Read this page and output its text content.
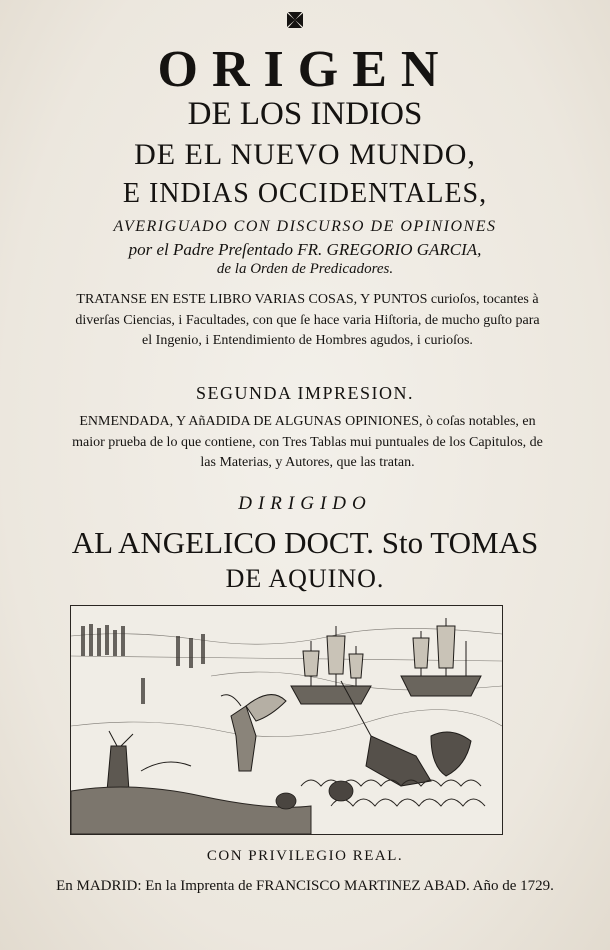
ORIGEN
DE LOS INDIOS
DE EL NUEVO MUNDO,
E INDIAS OCCIDENTALES,
AVERIGUADO CON DISCURSO DE OPINIONES
por el Padre Preſentado FR. GREGORIO GARCIA,
de la Orden de Predicadores.
TRATANSE EN ESTE LIBRO VARIAS COSAS, Y PUNTOS curioſos, tocantes à diverſas Ciencias, i Facultades, con que ſe hace varia Hiſtoria, de mucho guſto para el Ingenio, i Entendimiento de Hombres agudos, i curioſos.
SEGUNDA IMPRESION.
ENMENDADA, Y AñADIDA DE ALGUNAS OPINIONES, ò coſas notables, en maior prueba de lo que contiene, con Tres Tablas mui puntuales de los Capitulos, de las Materias, y Autores, que las tratan.
DIRIGIDO
AL ANGELICO DOCT. Sto TOMAS
DE AQUINO.
CON PRIVILEGIO REAL.
En MADRID: En la Imprenta de FRANCISCO MARTINEZ ABAD. Año de 1729.
